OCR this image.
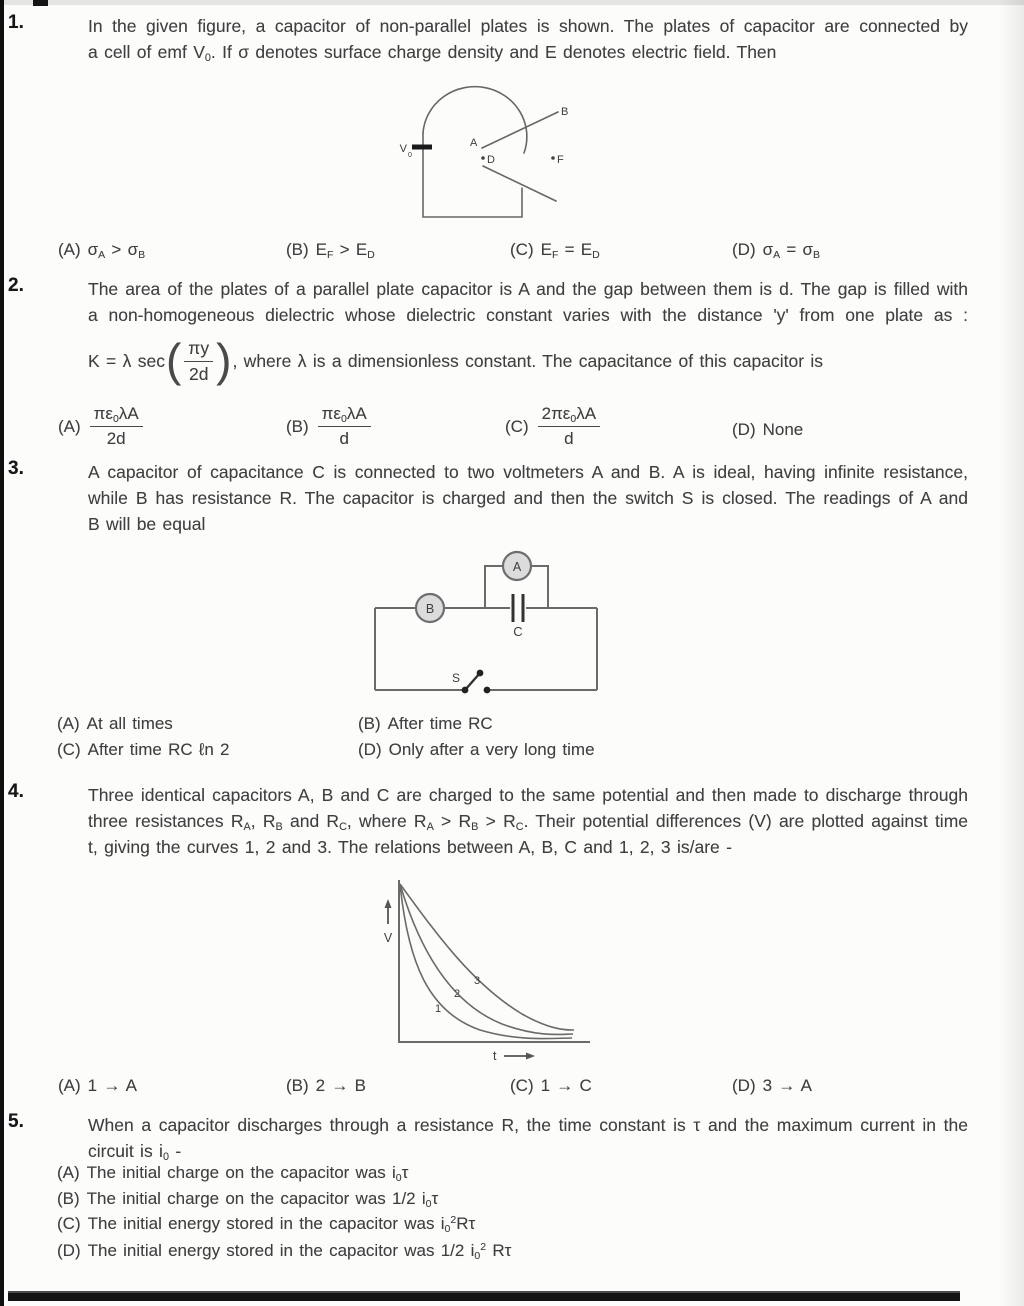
1.	In the given figure, a capacitor of non-parallel plates is shown. The plates of capacitor are connected by
a cell of emf $V_0$. If σ denotes surface charge density and E denotes electric field. Then
V
0
A
B
D	F
(A) $\sigma_A > \sigma_B$	(B) $E_F > E_D$	(C) $E_F = E_D$	(D) $\sigma_A = \sigma_B$
2.	The area of the plates of a parallel plate capacitor is A and the gap between them is d. The gap is filled with
a non-homogeneous dielectric whose dielectric constant varies with the distance 'y' from one plate as :
K = λ sec ( $\frac{\pi y}{2d}$ ) , where λ is a dimensionless constant. The capacitance of this capacitor is
$(A) \frac{\pi\varepsilon_0\lambda A}{2d}$	$(B) \frac{\pi\varepsilon_0\lambda A}{d}$	$(C) \frac{2\pi\varepsilon_0\lambda A}{d}$	(D) None
3.	A capacitor of capacitance C is connected to two voltmeters A and B. A is ideal, having infinite resistance,
while B has resistance R. The capacitor is charged and then the switch S is closed. The readings of A and
B will be equal
C
A
B
S
(A) At all times	(B) After time RC
(C) After time RC ℓn 2	(D) Only after a very long time
4.	Three identical capacitors A, B and C are charged to the same potential and then made to discharge through
three resistances $R_A$, $R_B$ and $R_C$, where $R_A > R_B > R_C$. Their potential differences (V) are plotted against time
t, giving the curves 1, 2 and 3. The relations between A, B, C and 1, 2, 3 is/are -
V
t
1
2
3
(A) 1 → A	(B) 2 → B	(C) 1 → C	(D) 3 → A
5.	When a capacitor discharges through a resistance R, the time constant is τ and the maximum current in the
circuit is $i_0$ -
(A) The initial charge on the capacitor was $i_0\tau$
(B) The initial charge on the capacitor was 1/2 $i_0\tau$
(C) The initial energy stored in the capacitor was $i_0^2R\tau$
(D) The initial energy stored in the capacitor was 1/2 $i_0^2$ Rτ
